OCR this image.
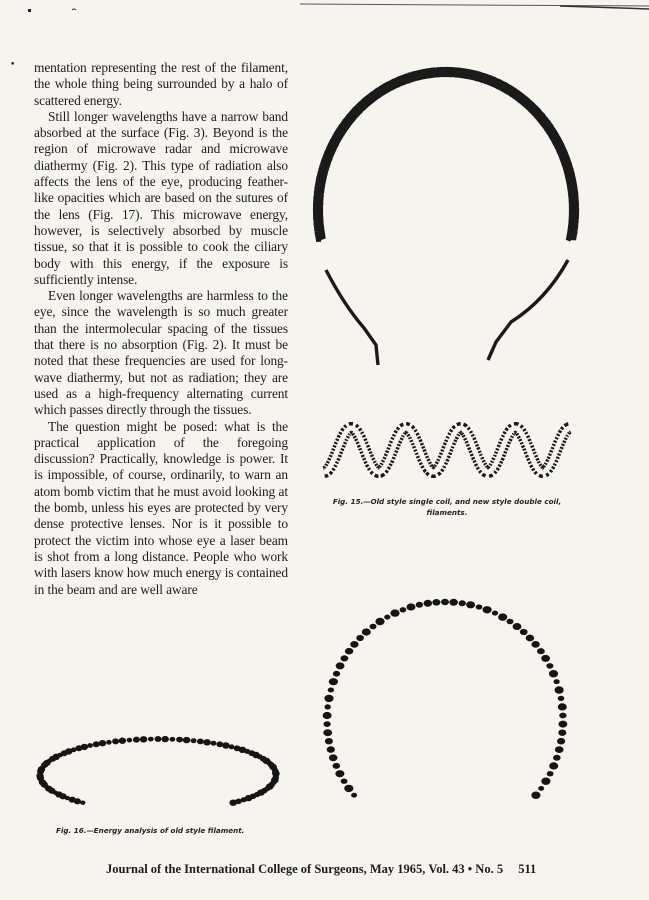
• mentation representing the rest of the filament, the whole thing being surrounded by a halo of scattered energy.

Still longer wavelengths have a narrow band absorbed at the surface (Fig. 3). Beyond is the region of microwave radar and microwave diathermy (Fig. 2). This type of radiation also affects the lens of the eye, producing feather-like opacities which are based on the sutures of the lens (Fig. 17). This microwave energy, however, is selectively absorbed by muscle tissue, so that it is possible to cook the ciliary body with this energy, if the exposure is sufficiently intense.

Even longer wavelengths are harmless to the eye, since the wavelength is so much greater than the intermolecular spacing of the tissues that there is no absorption (Fig. 2). It must be noted that these frequencies are used for long-wave diathermy, but not as radiation; they are used as a high-frequency alternating current which passes directly through the tissues.

The question might be posed: what is the practical application of the foregoing discussion? Practically, knowledge is power. It is impossible, of course, ordinarily, to warn an atom bomb victim that he must avoid looking at the bomb, unless his eyes are protected by very dense protective lenses. Nor is it possible to protect the victim into whose eye a laser beam is shot from a long distance. People who work with lasers know how much energy is contained in the beam and are well aware

Fig. 15.—Old style single coil, and new style double coil, filaments.
Fig. 16.—Energy analysis of old style filament.
Journal of the International College of Surgeons, May 1965, Vol. 43 • No. 5 511
